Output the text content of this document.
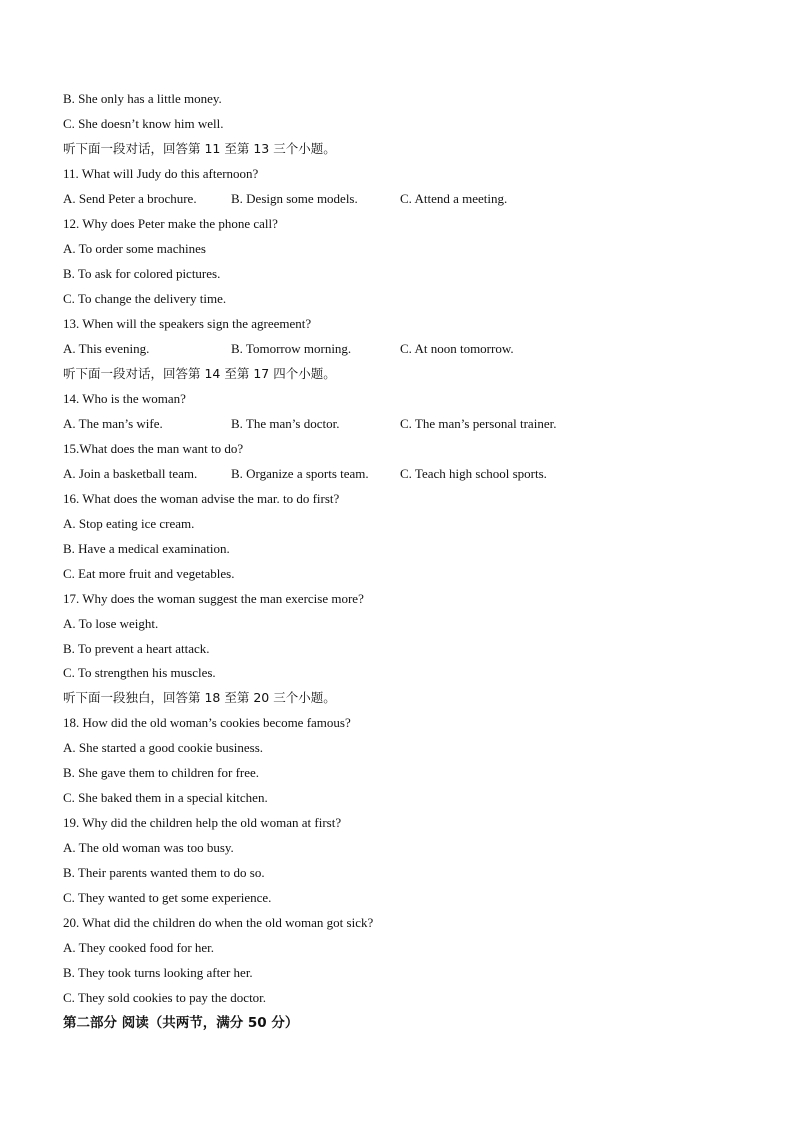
B. She only has a little money.
C. She doesn’t know him well.
听下面一段对话，回答第 11 至第 13 三个小题。
11. What will Judy do this afternoon?
A. Send Peter a brochure.	B. Design some models.	C. Attend a meeting.
12. Why does Peter make the phone call?
A. To order some machines
B. To ask for colored pictures.
C. To change the delivery time.
13. When will the speakers sign the agreement?
A. This evening.	B. Tomorrow morning.	C. At noon tomorrow.
听下面一段对话，回答第 14 至第 17 四个小题。
14. Who is the woman?
A. The man’s wife.	B. The man’s doctor.	C. The man’s personal trainer.
15.What does the man want to do?
A. Join a basketball team.	B. Organize a sports team. C. Teach high school sports.
16. What does the woman advise the mar. to do first?
A. Stop eating ice cream.
B. Have a medical examination.
C. Eat more fruit and vegetables.
17. Why does the woman suggest the man exercise more?
A. To lose weight.
B. To prevent a heart attack.
C. To strengthen his muscles.
听下面一段独白，回答第 18 至第 20 三个小题。
18. How did the old woman’s cookies become famous?
A. She started a good cookie business.
B. She gave them to children for free.
C. She baked them in a special kitchen.
19. Why did the children help the old woman at first?
A. The old woman was too busy.
B. Their parents wanted them to do so.
C. They wanted to get some experience.
20. What did the children do when the old woman got sick?
A. They cooked food for her.
B. They took turns looking after her.
C. They sold cookies to pay the doctor.
第二部分 阅读（共两节，满分 50 分）
